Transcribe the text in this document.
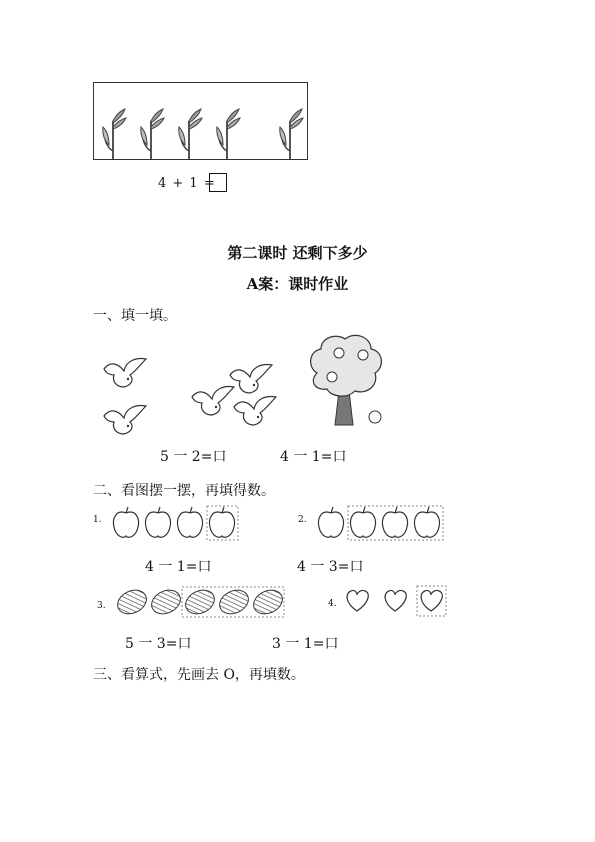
4 + 1 =
第二课时 还剩下多少
A案：课时作业
一、填一填。
5 一 2=口	4 一 1=口
二、看图摆一摆，再填得数。
1.	2.
4 一 1=口	4 一 3=口
3.	4.
5 一 3=口	3 一 1=口
三、看算式，先画去 O，再填数。
